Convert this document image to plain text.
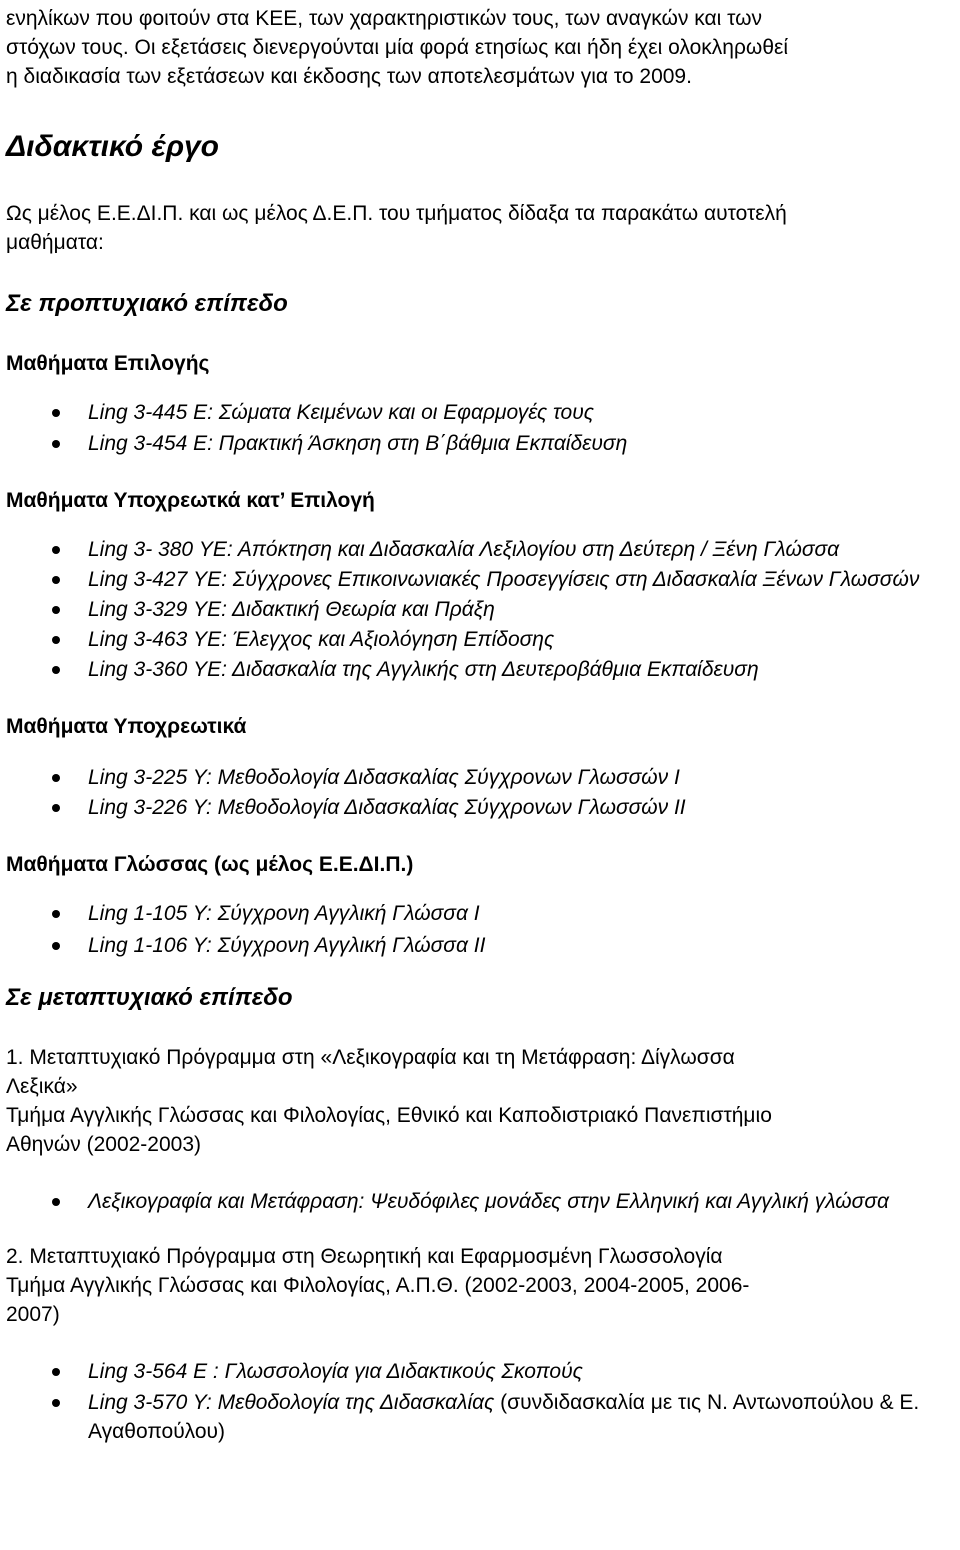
ενηλίκων που φοιτούν στα ΚΕΕ, των χαρακτηριστικών τους, των αναγκών και των
στόχων τους. Οι εξετάσεις διενεργούνται μία φορά ετησίως και ήδη έχει ολοκληρωθεί
η διαδικασία των εξετάσεων και έκδοσης των αποτελεσμάτων για το 2009.

Διδακτικό έργο

Ως μέλος Ε.Ε.ΔΙ.Π. και ως μέλος Δ.Ε.Π. του τμήματος δίδαξα τα παρακάτω αυτοτελή
μαθήματα:

Σε προπτυχιακό επίπεδο

Μαθήματα Επιλογής

Ling 3-445 E: Σώματα Κειμένων και οι Εφαρμογές τους
Ling 3-454 E: Πρακτική Άσκηση στη Β΄βάθμια Εκπαίδευση

Μαθήματα Υποχρεωτκά κατ’ Επιλογή

Ling 3- 380 ΥΕ: Απόκτηση και Διδασκαλία Λεξιλογίου στη Δεύτερη / Ξένη Γλώσσα
Ling 3-427 ΥΕ: Σύγχρονες Επικοινωνιακές Προσεγγίσεις στη Διδασκαλία Ξένων Γλωσσών
Ling 3-329 ΥΕ: Διδακτική Θεωρία και Πράξη
Ling 3-463 ΥΕ: Έλεγχος και Αξιολόγηση Επίδοσης
Ling 3-360 ΥΕ: Διδασκαλία της Αγγλικής στη Δευτεροβάθμια Εκπαίδευση

Μαθήματα Υποχρεωτικά

Ling 3-225 Y: Μεθοδολογία Διδασκαλίας Σύγχρονων Γλωσσών I
Ling 3-226 Y: Μεθοδολογία Διδασκαλίας Σύγχρονων Γλωσσών II

Μαθήματα Γλώσσας (ως μέλος Ε.Ε.ΔΙ.Π.)

Ling 1-105 Y: Σύγχρονη Αγγλική Γλώσσα I
Ling 1-106 Y: Σύγχρονη Αγγλική Γλώσσα II
Σε μεταπτυχιακό επίπεδο

1. Μεταπτυχιακό Πρόγραμμα στη «Λεξικογραφία και τη Μετάφραση: Δίγλωσσα
Λεξικά»
Τμήμα Αγγλικής Γλώσσας και Φιλολογίας, Εθνικό και Καποδιστριακό Πανεπιστήμιο
Αθηνών (2002-2003)

Λεξικογραφία και Μετάφραση: Ψευδόφιλες μονάδες στην Ελληνική και Αγγλική γλώσσα

2. Μεταπτυχιακό Πρόγραμμα στη Θεωρητική και Εφαρμοσμένη Γλωσσολογία
Τμήμα Αγγλικής Γλώσσας και Φιλολογίας, Α.Π.Θ. (2002-2003, 2004-2005, 2006-
2007)

Ling 3-564 E : Γλωσσολογία για Διδακτικούς Σκοπούς
Ling 3-570 Y: Μεθοδολογία της Διδασκαλίας (συνδιδασκαλία με τις Ν. Αντωνοπούλου & Ε. Αγαθοπούλου)
